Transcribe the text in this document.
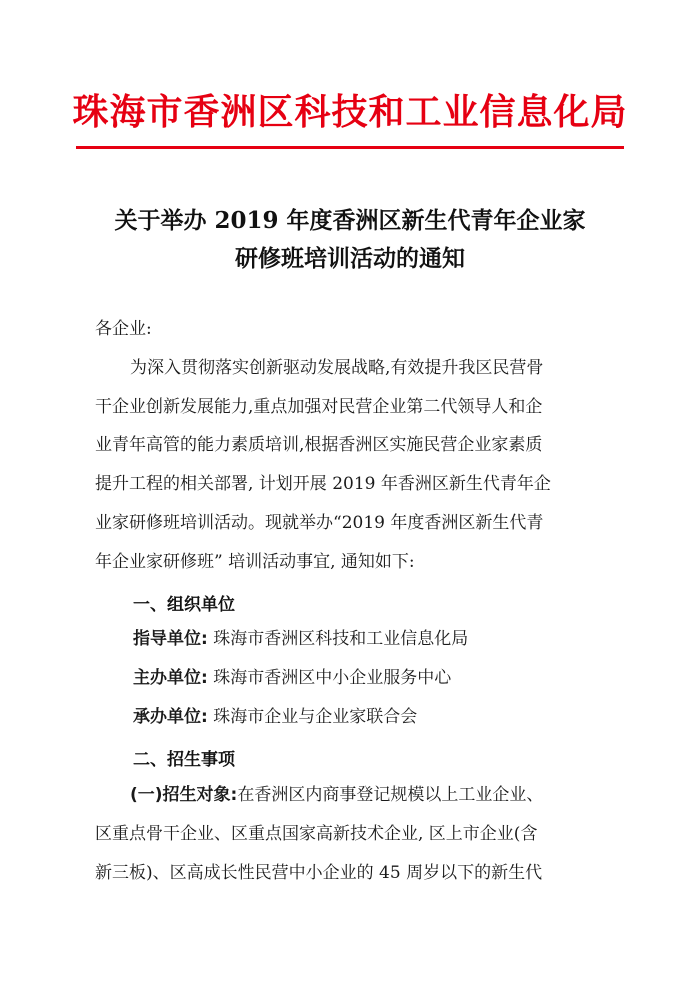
珠海市香洲区科技和工业信息化局
关于举办 2019 年度香洲区新生代青年企业家
研修班培训活动的通知
各企业:
为深入贯彻落实创新驱动发展战略,有效提升我区民营骨
干企业创新发展能力,重点加强对民营企业第二代领导人和企
业青年高管的能力素质培训,根据香洲区实施民营企业家素质
提升工程的相关部署, 计划开展 2019 年香洲区新生代青年企
业家研修班培训活动。现就举办“2019 年度香洲区新生代青
年企业家研修班” 培训活动事宜, 通知如下:
一、组织单位
指导单位: 珠海市香洲区科技和工业信息化局
主办单位: 珠海市香洲区中小企业服务中心
承办单位: 珠海市企业与企业家联合会
二、招生事项
(一)招生对象:在香洲区内商事登记规模以上工业企业、
区重点骨干企业、区重点国家高新技术企业, 区上市企业(含
新三板)、区高成长性民营中小企业的 45 周岁以下的新生代
